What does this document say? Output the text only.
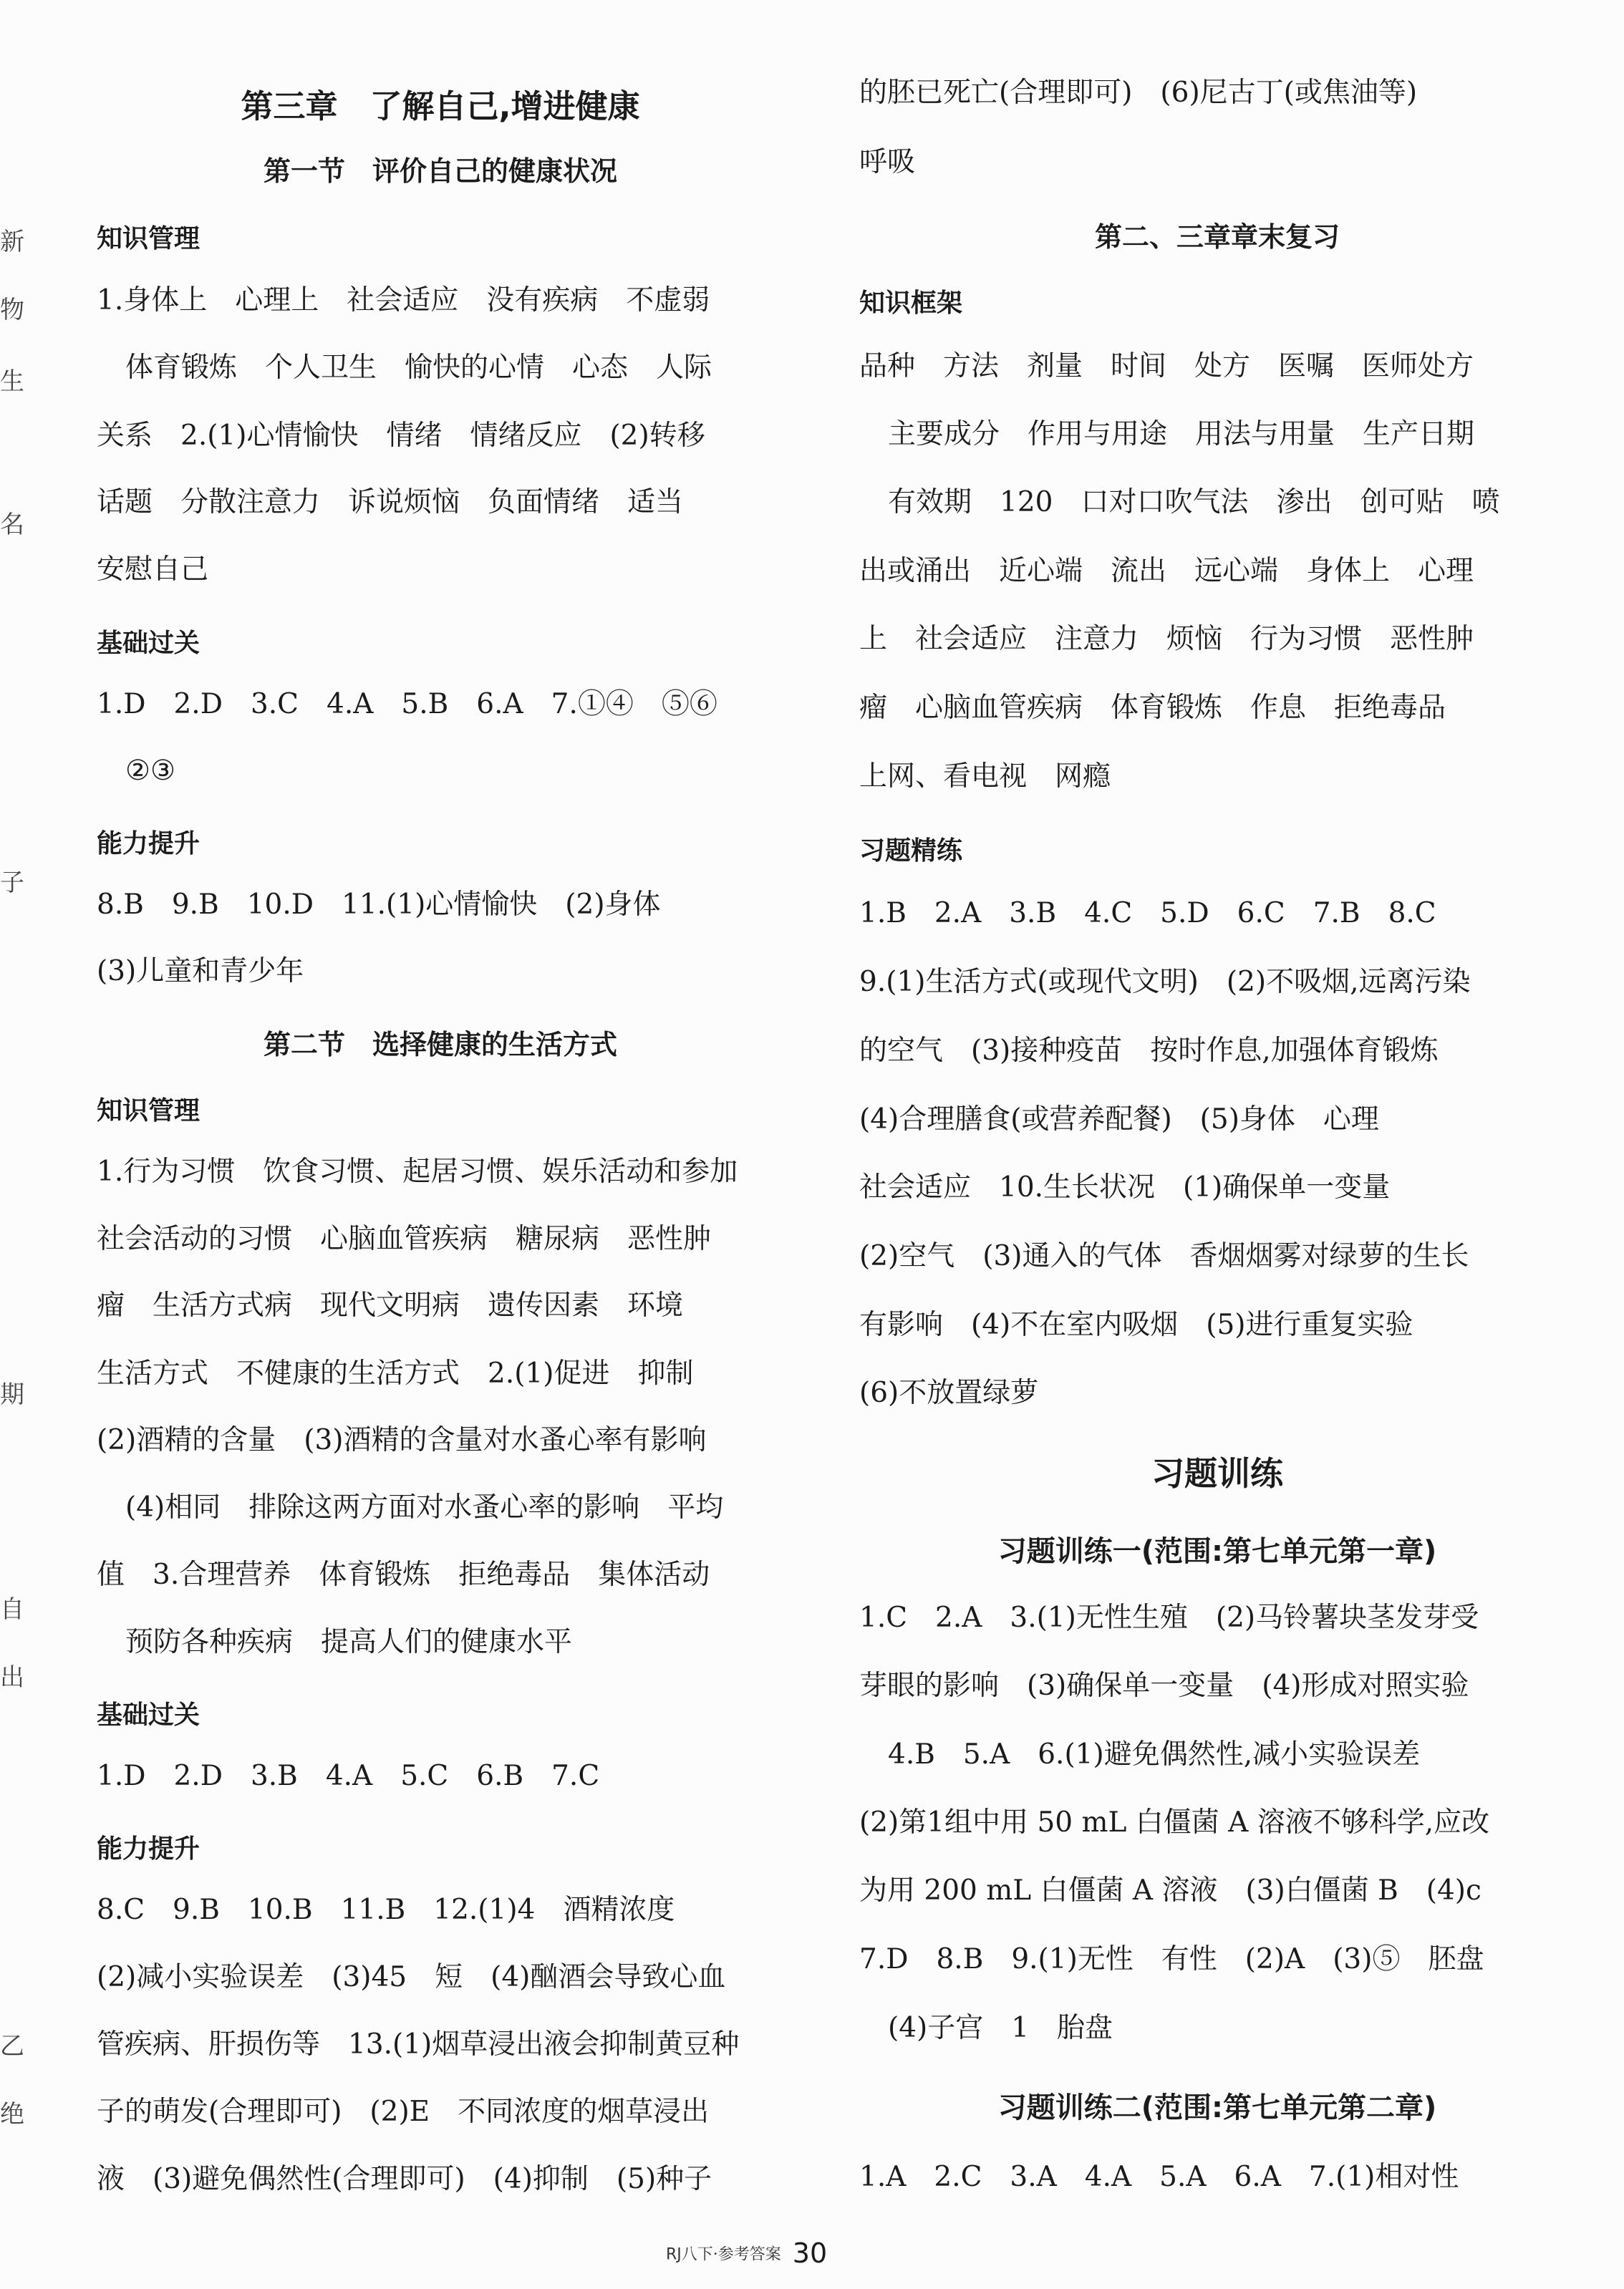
新
物
生
名
子
期
自
出
乙
绝
第三章　了解自己,增进健康
第一节　评价自己的健康状况
知识管理
1.身体上　心理上　社会适应　没有疾病　不虚弱
体育锻炼　个人卫生　愉快的心情　心态　人际
关系　2.(1)心情愉快　情绪　情绪反应　(2)转移
话题　分散注意力　诉说烦恼　负面情绪　适当
安慰自己
基础过关
1.D　2.D　3.C　4.A　5.B　6.A　7.①④　⑤⑥
②③
能力提升
8.B　9.B　10.D　11.(1)心情愉快　(2)身体
(3)儿童和青少年
第二节　选择健康的生活方式
知识管理
1.行为习惯　饮食习惯、起居习惯、娱乐活动和参加
社会活动的习惯　心脑血管疾病　糖尿病　恶性肿
瘤　生活方式病　现代文明病　遗传因素　环境
生活方式　不健康的生活方式　2.(1)促进　抑制
(2)酒精的含量　(3)酒精的含量对水蚤心率有影响
(4)相同　排除这两方面对水蚤心率的影响　平均
值　3.合理营养　体育锻炼　拒绝毒品　集体活动
预防各种疾病　提高人们的健康水平
基础过关
1.D　2.D　3.B　4.A　5.C　6.B　7.C
能力提升
8.C　9.B　10.B　11.B　12.(1)4　酒精浓度
(2)减小实验误差　(3)45　短　(4)酗酒会导致心血
管疾病、肝损伤等　13.(1)烟草浸出液会抑制黄豆种
子的萌发(合理即可)　(2)E　不同浓度的烟草浸出
液　(3)避免偶然性(合理即可)　(4)抑制　(5)种子
的胚已死亡(合理即可)　(6)尼古丁(或焦油等)
呼吸
第二、三章章末复习
知识框架
品种　方法　剂量　时间　处方　医嘱　医师处方
主要成分　作用与用途　用法与用量　生产日期
有效期　120　口对口吹气法　渗出　创可贴　喷
出或涌出　近心端　流出　远心端　身体上　心理
上　社会适应　注意力　烦恼　行为习惯　恶性肿
瘤　心脑血管疾病　体育锻炼　作息　拒绝毒品
上网、看电视　网瘾
习题精练
1.B　2.A　3.B　4.C　5.D　6.C　7.B　8.C
9.(1)生活方式(或现代文明)　(2)不吸烟,远离污染
的空气　(3)接种疫苗　按时作息,加强体育锻炼
(4)合理膳食(或营养配餐)　(5)身体　心理
社会适应　10.生长状况　(1)确保单一变量
(2)空气　(3)通入的气体　香烟烟雾对绿萝的生长
有影响　(4)不在室内吸烟　(5)进行重复实验
(6)不放置绿萝
习题训练
习题训练一(范围:第七单元第一章)
1.C　2.A　3.(1)无性生殖　(2)马铃薯块茎发芽受
芽眼的影响　(3)确保单一变量　(4)形成对照实验
4.B　5.A　6.(1)避免偶然性,减小实验误差
(2)第1组中用 50 mL 白僵菌 A 溶液不够科学,应改
为用 200 mL 白僵菌 A 溶液　(3)白僵菌 B　(4)c
7.D　8.B　9.(1)无性　有性　(2)A　(3)⑤　胚盘
(4)子宫　1　胎盘
习题训练二(范围:第七单元第二章)
1.A　2.C　3.A　4.A　5.A　6.A　7.(1)相对性
RJ八下·参考答案 30
